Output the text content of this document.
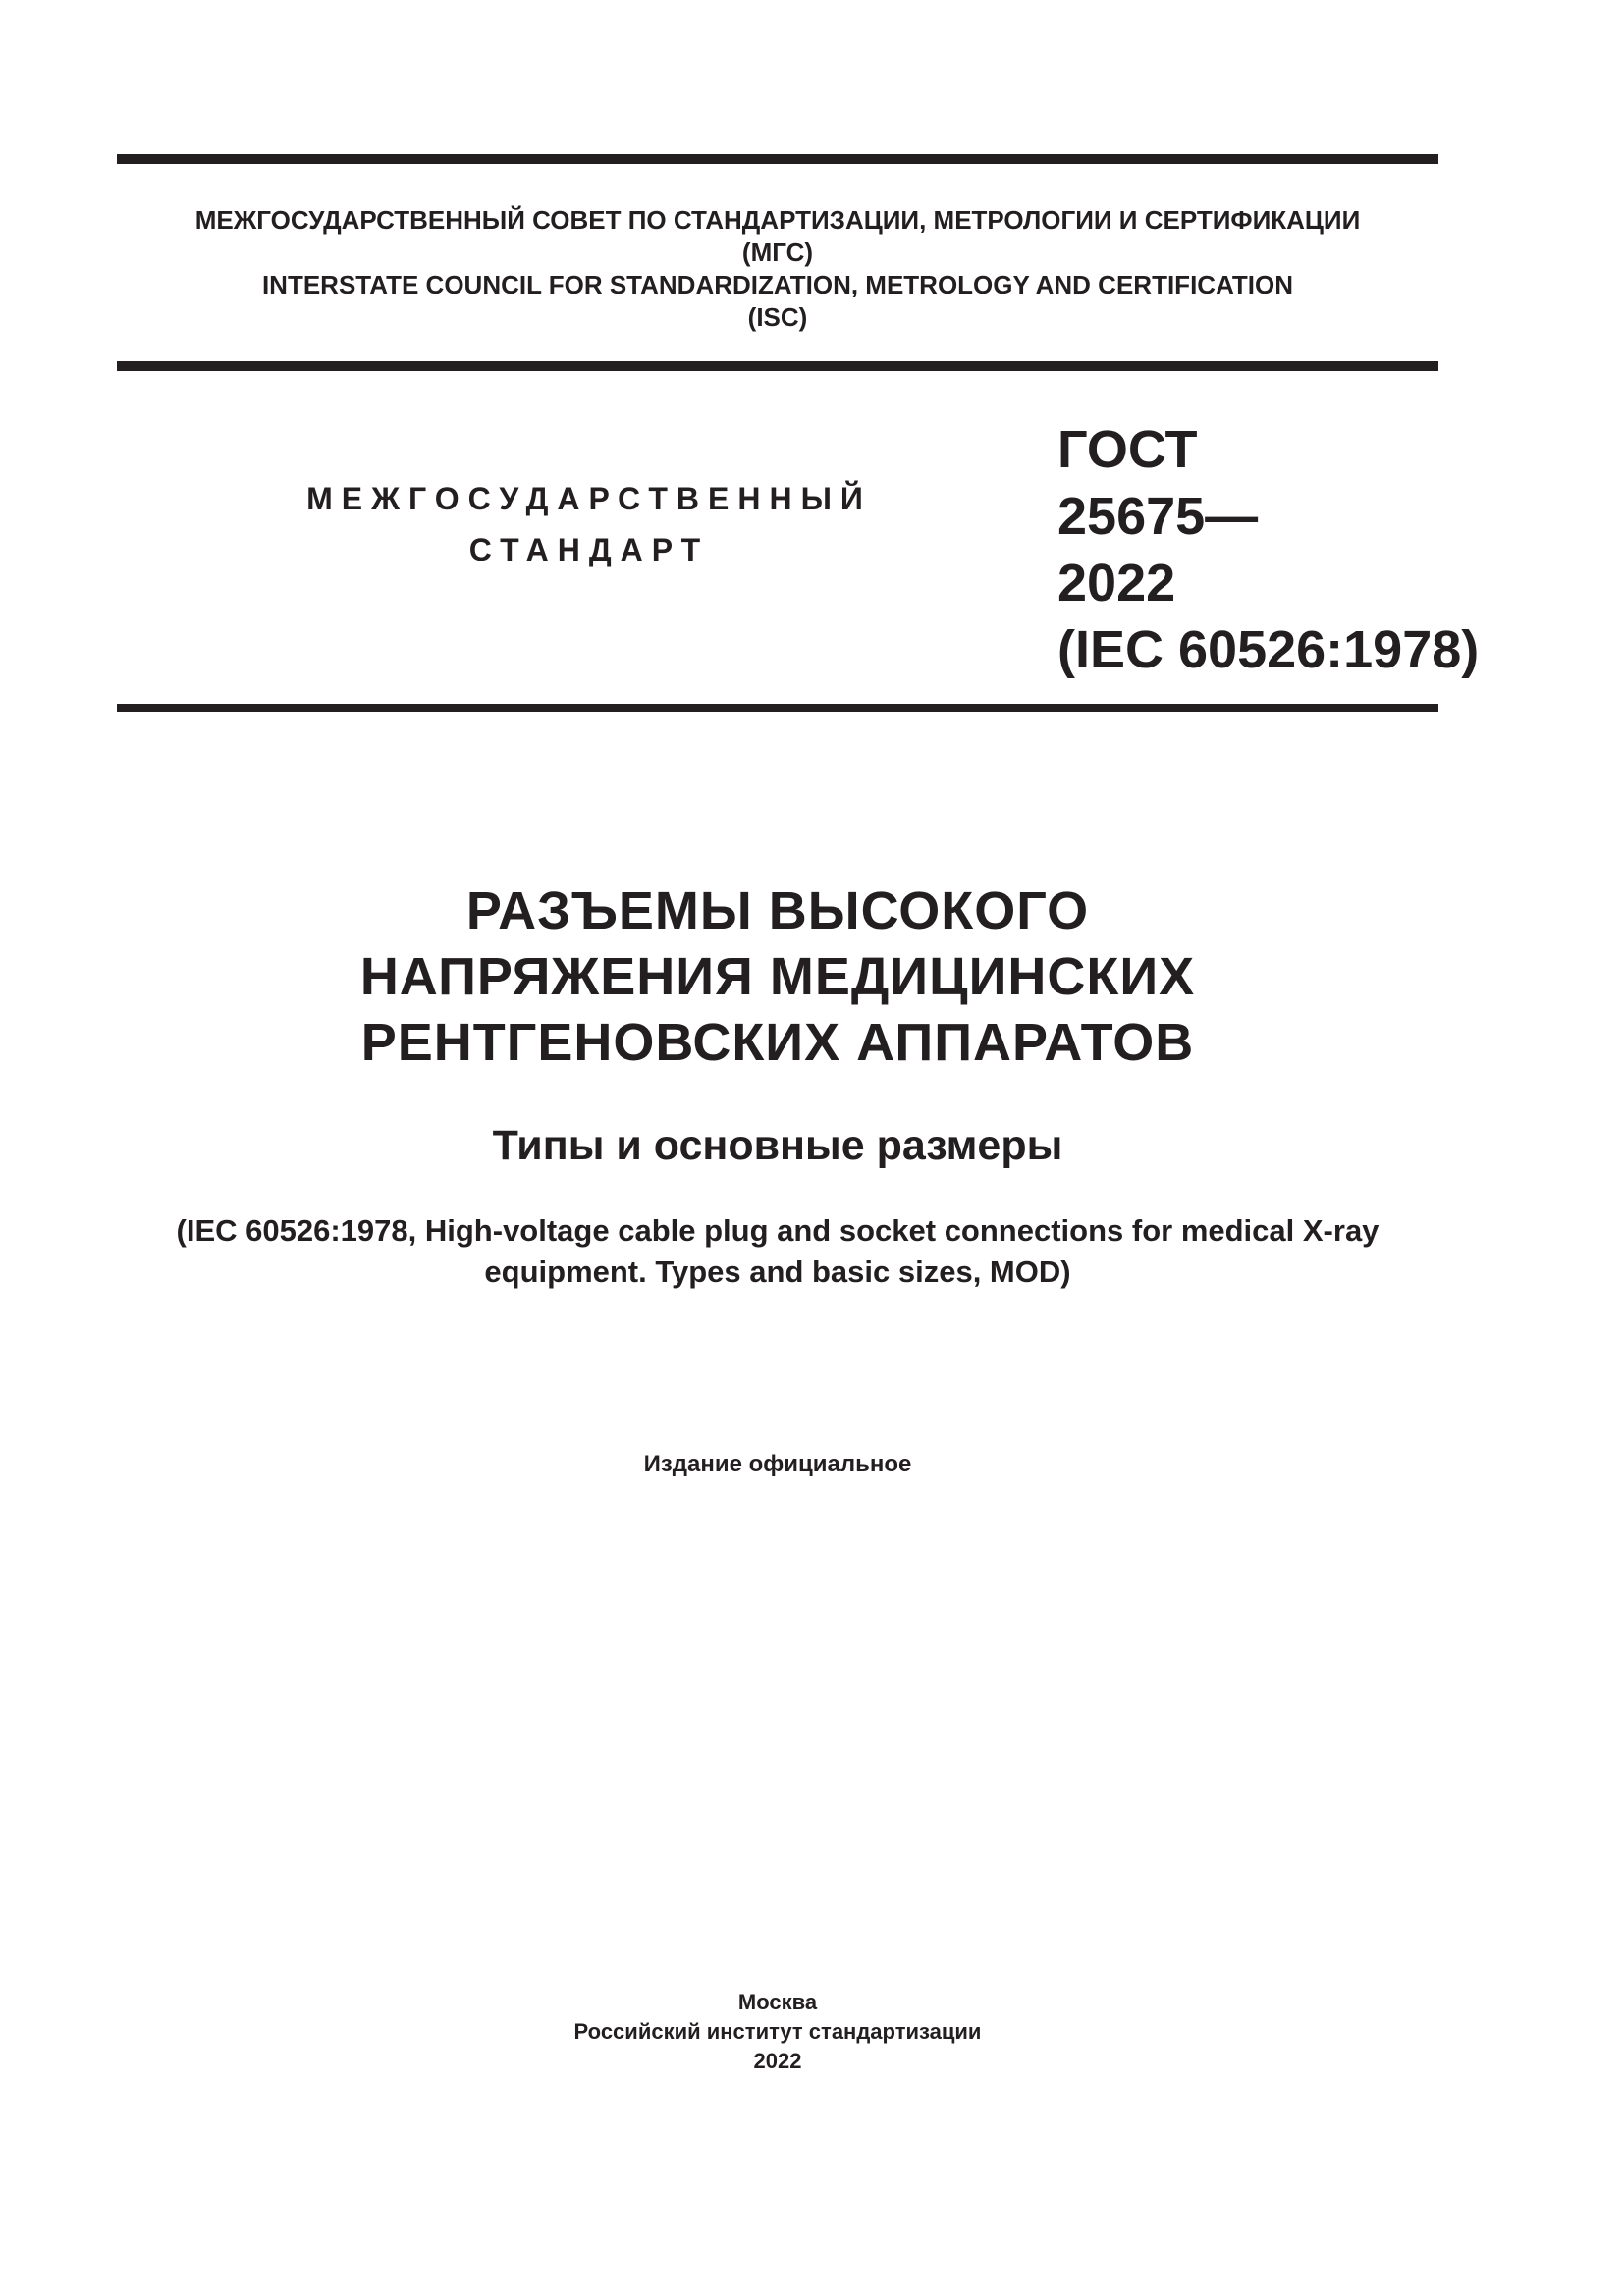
МЕЖГОСУДАРСТВЕННЫЙ СОВЕТ ПО СТАНДАРТИЗАЦИИ, МЕТРОЛОГИИ И СЕРТИФИКАЦИИ
(МГС)
INTERSTATE COUNCIL FOR STANDARDIZATION, METROLOGY AND CERTIFICATION
(ISC)
МЕЖГОСУДАРСТВЕННЫЙ
СТАНДАРТ
ГОСТ
25675—
2022
(IEC 60526:1978)
РАЗЪЕМЫ ВЫСОКОГО
НАПРЯЖЕНИЯ МЕДИЦИНСКИХ
РЕНТГЕНОВСКИХ АППАРАТОВ
Типы и основные размеры
(IEC 60526:1978, High-voltage cable plug and socket connections for medical X-ray
equipment. Types and basic sizes, MOD)
Издание официальное
Москва
Российский институт стандартизации
2022
